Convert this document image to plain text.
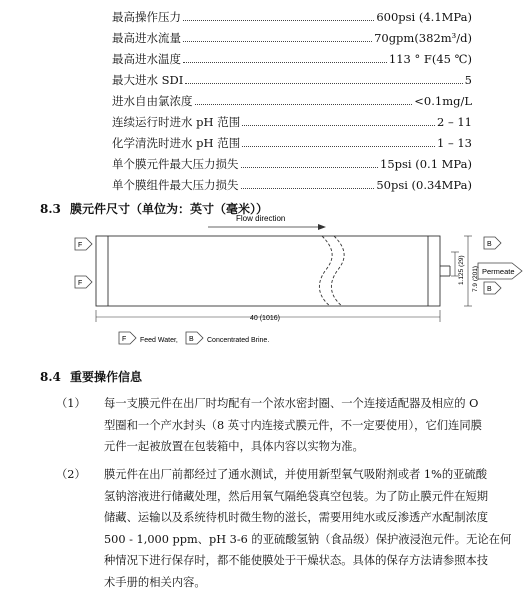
最高操作压力	600psi (4.1MPa)
最高进水流量	70gpm(382m³/d)
最高进水温度	113 ° F(45 ℃)
最大进水 SDI	5
进水自由氯浓度	<0.1mg/L
连续运行时进水 pH 范围	2 – 11
化学清洗时进水 pH 范围	1 – 13
单个膜元件最大压力损失	15psi (0.1 MPa)
单个膜组件最大压力损失	50psi (0.34MPa)
8.3 膜元件尺寸（单位为：英寸（毫米））
Flow direction
F
F
B
B
Permeate
1.125 (29) 7.9 (201)
40 (1016)
F Feed Water, B Concentrated Brine.
8.4 重要操作信息
（1） 每一支膜元件在出厂时均配有一个浓水密封圈、一个连接适配器及相应的 O
型圈和一个产水封头（8 英寸内连接式膜元件，不一定要使用），它们连同膜
元件一起被放置在包装箱中，具体内容以实物为准。
（2） 膜元件在出厂前都经过了通水测试，并使用新型氧气吸附剂或者 1%的亚硫酸
氢钠溶液进行储藏处理，然后用氧气隔绝袋真空包装。为了防止膜元件在短期
储藏、运输以及系统待机时微生物的滋长，需要用纯水或反渗透产水配制浓度
500 - 1,000 ppm、pH 3-6 的亚硫酸氢钠（食品级）保护液浸泡元件。无论在何
种情况下进行保存时，都不能使膜处于干燥状态。具体的保存方法请参照本技
术手册的相关内容。
